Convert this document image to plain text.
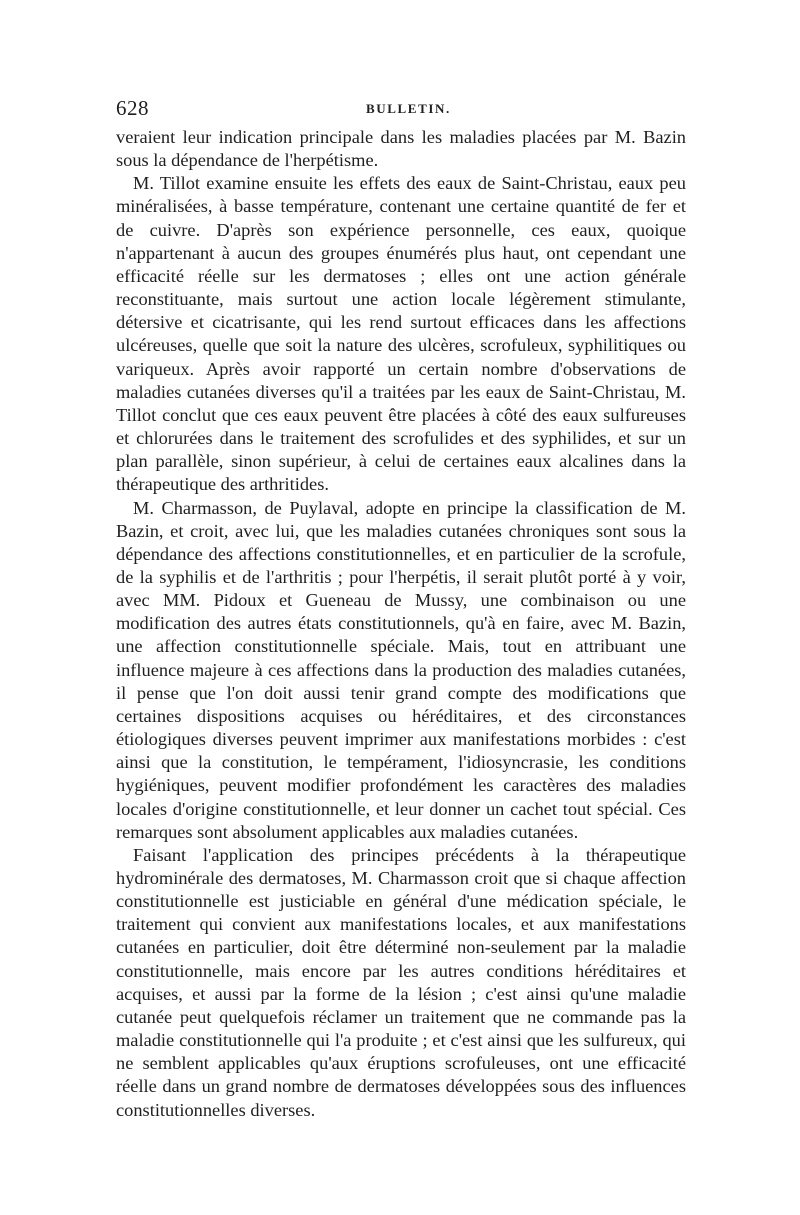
628	BULLETIN.

veraient leur indication principale dans les maladies placées par M. Bazin sous la dépendance de l'herpétisme.

M. Tillot examine ensuite les effets des eaux de Saint-Christau, eaux peu minéralisées, à basse température, contenant une certaine quantité de fer et de cuivre. D'après son expérience personnelle, ces eaux, quoique n'appartenant à aucun des groupes énumérés plus haut, ont cependant une efficacité réelle sur les dermatoses ; elles ont une action générale reconstituante, mais surtout une action locale légèrement stimulante, détersive et cicatrisante, qui les rend surtout efficaces dans les affections ulcéreuses, quelle que soit la nature des ulcères, scrofuleux, syphilitiques ou variqueux. Après avoir rapporté un certain nombre d'observations de maladies cutanées diverses qu'il a traitées par les eaux de Saint-Christau, M. Tillot conclut que ces eaux peuvent être placées à côté des eaux sulfureuses et chlorurées dans le traitement des scrofulides et des syphilides, et sur un plan parallèle, sinon supérieur, à celui de certaines eaux alcalines dans la thérapeutique des arthritides.

M. Charmasson, de Puylaval, adopte en principe la classification de M. Bazin, et croit, avec lui, que les maladies cutanées chroniques sont sous la dépendance des affections constitutionnelles, et en particulier de la scrofule, de la syphilis et de l'arthritis ; pour l'herpétis, il serait plutôt porté à y voir, avec MM. Pidoux et Gueneau de Mussy, une combinaison ou une modification des autres états constitutionnels, qu'à en faire, avec M. Bazin, une affection constitutionnelle spéciale. Mais, tout en attribuant une influence majeure à ces affections dans la production des maladies cutanées, il pense que l'on doit aussi tenir grand compte des modifications que certaines dispositions acquises ou héréditaires, et des circonstances étiologiques diverses peuvent imprimer aux manifestations morbides : c'est ainsi que la constitution, le tempérament, l'idiosyncrasie, les conditions hygiéniques, peuvent modifier profondément les caractères des maladies locales d'origine constitutionnelle, et leur donner un cachet tout spécial. Ces remarques sont absolument applicables aux maladies cutanées.

Faisant l'application des principes précédents à la thérapeutique hydrominérale des dermatoses, M. Charmasson croit que si chaque affection constitutionnelle est justiciable en général d'une médication spéciale, le traitement qui convient aux manifestations locales, et aux manifestations cutanées en particulier, doit être déterminé non-seulement par la maladie constitutionnelle, mais encore par les autres conditions héréditaires et acquises, et aussi par la forme de la lésion ; c'est ainsi qu'une maladie cutanée peut quelquefois réclamer un traitement que ne commande pas la maladie constitutionnelle qui l'a produite ; et c'est ainsi que les sulfureux, qui ne semblent applicables qu'aux éruptions scrofuleuses, ont une efficacité réelle dans un grand nombre de dermatoses développées sous des influences constitutionnelles diverses.
